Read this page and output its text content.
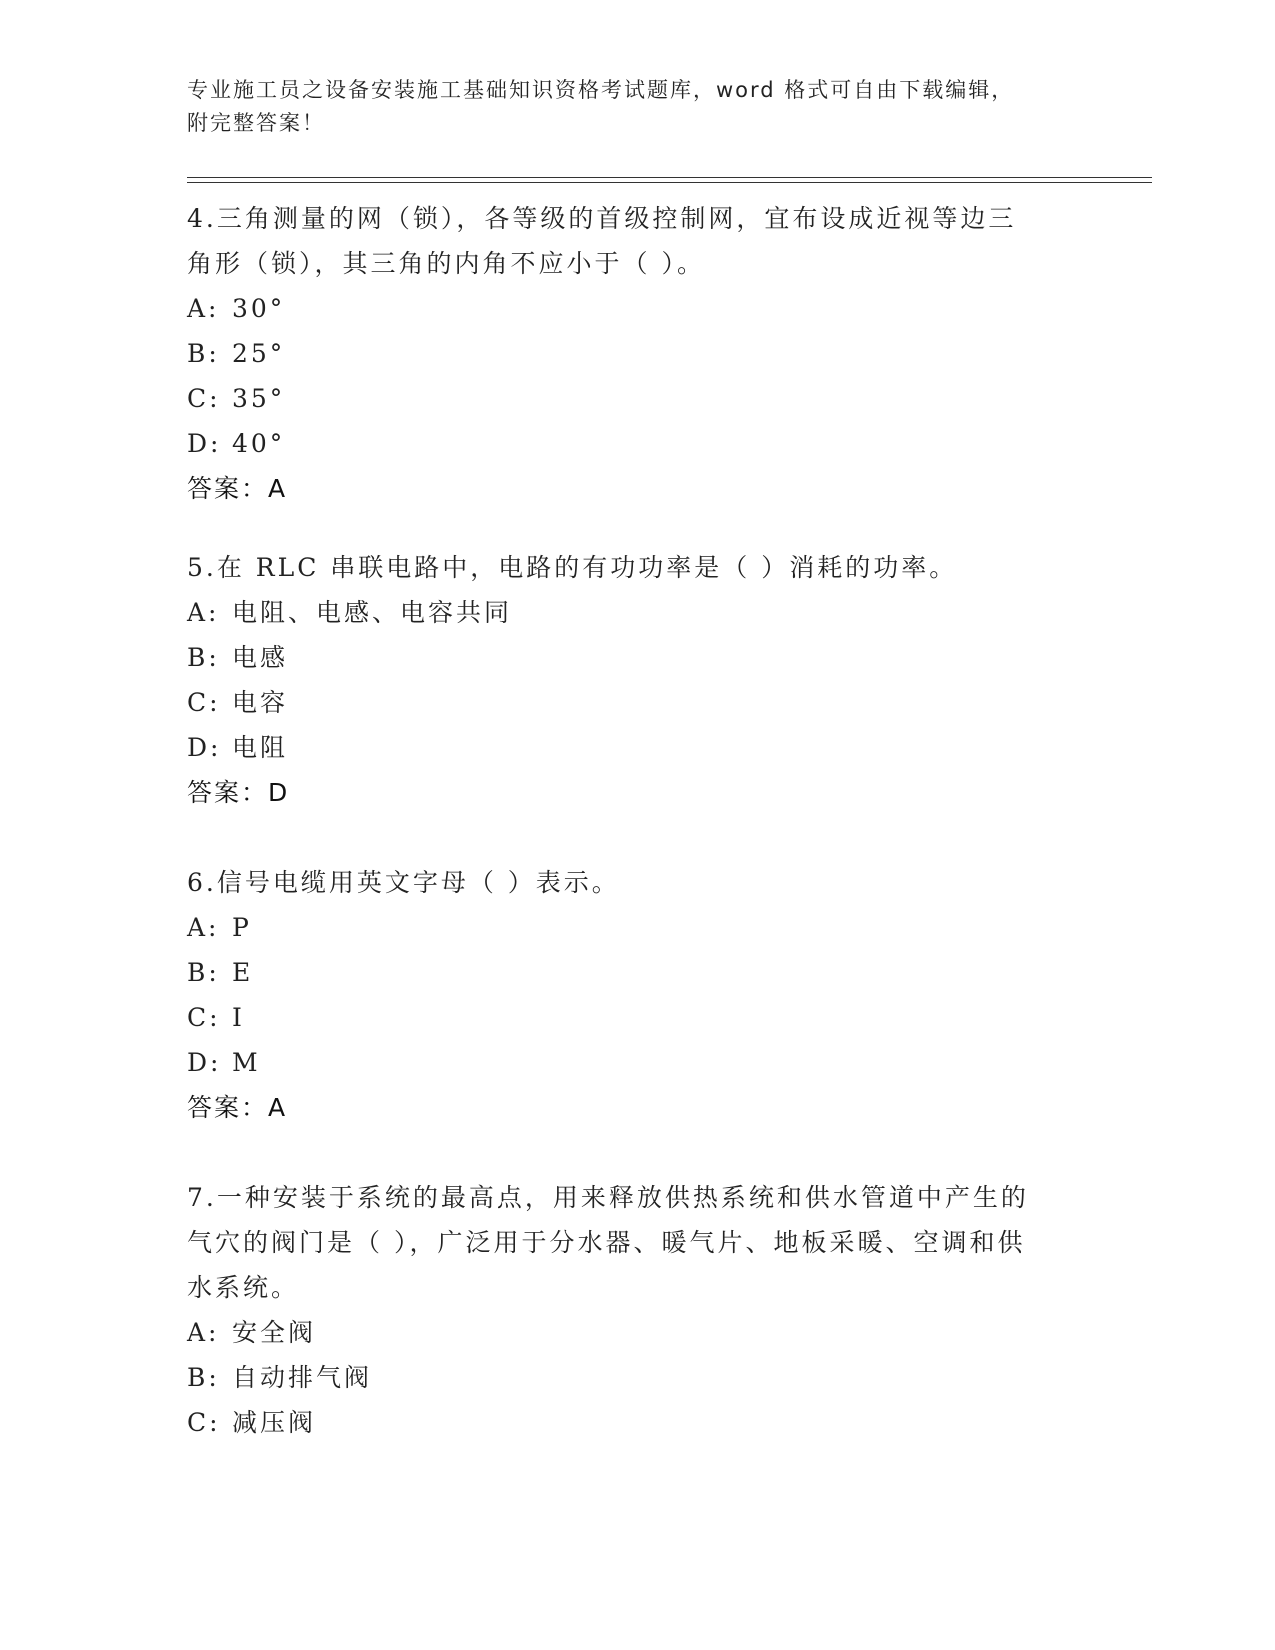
专业施工员之设备安装施工基础知识资格考试题库，word 格式可自由下载编辑，
附完整答案！
4.三角测量的网（锁），各等级的首级控制网，宜布设成近视等边三
角形（锁），其三角的内角不应小于（ ）。
A: 30°
B: 25°
C: 35°
D: 40°
答案：A
5.在 RLC 串联电路中，电路的有功功率是（ ）消耗的功率。
A: 电阻、电感、电容共同
B: 电感
C: 电容
D: 电阻
答案：D
6.信号电缆用英文字母（ ）表示。
A: P
B: E
C: I
D: M
答案：A
7.一种安装于系统的最高点，用来释放供热系统和供水管道中产生的
气穴的阀门是（ ），广泛用于分水器、暖气片、地板采暖、空调和供
水系统。
A: 安全阀
B: 自动排气阀
C: 减压阀
